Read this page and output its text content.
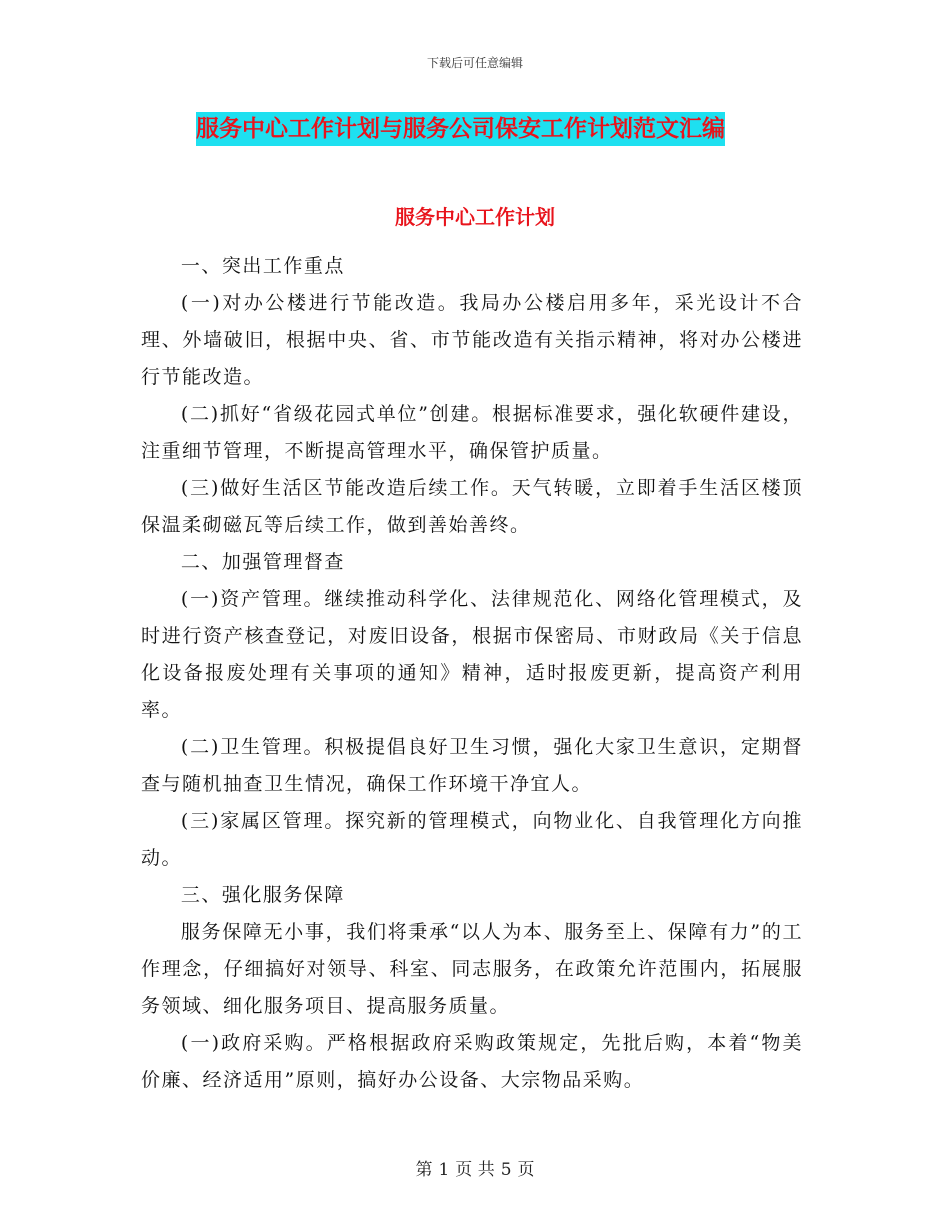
下载后可任意编辑
服务中心工作计划与服务公司保安工作计划范文汇编
服务中心工作计划

一、突出工作重点

(一)对办公楼进行节能改造。我局办公楼启用多年，采光设计不合理、外墙破旧，根据中央、省、市节能改造有关指示精神，将对办公楼进行节能改造。

(二)抓好“省级花园式单位”创建。根据标准要求，强化软硬件建设，注重细节管理，不断提高管理水平，确保管护质量。

(三)做好生活区节能改造后续工作。天气转暖，立即着手生活区楼顶保温柔砌磁瓦等后续工作，做到善始善终。

二、加强管理督查

(一)资产管理。继续推动科学化、法律规范化、网络化管理模式，及时进行资产核查登记，对废旧设备，根据市保密局、市财政局《关于信息化设备报废处理有关事项的通知》精神，适时报废更新，提高资产利用率。

(二)卫生管理。积极提倡良好卫生习惯，强化大家卫生意识，定期督查与随机抽查卫生情况，确保工作环境干净宜人。

(三)家属区管理。探究新的管理模式，向物业化、自我管理化方向推动。

三、强化服务保障

服务保障无小事，我们将秉承“以人为本、服务至上、保障有力”的工作理念，仔细搞好对领导、科室、同志服务，在政策允许范围内，拓展服务领域、细化服务项目、提高服务质量。

(一)政府采购。严格根据政府采购政策规定，先批后购，本着“物美价廉、经济适用”原则，搞好办公设备、大宗物品采购。

第 1 页 共 5 页
